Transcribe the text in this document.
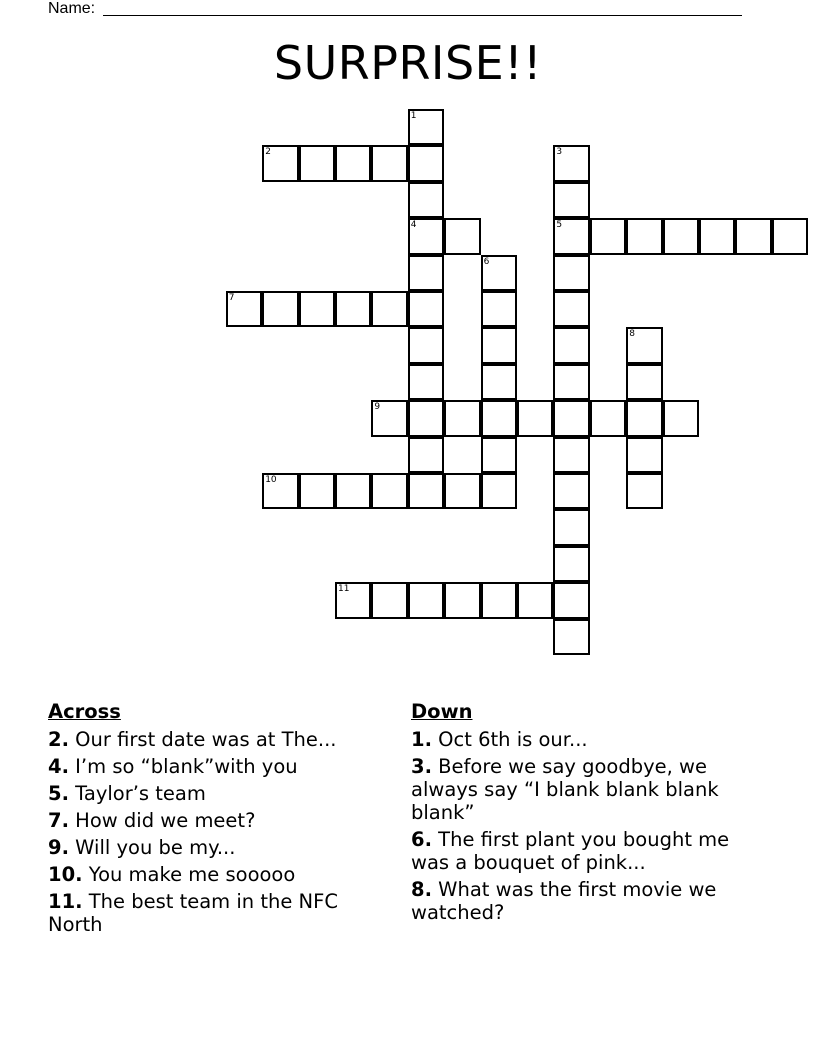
Name:
SURPRISE!!
1
4
2	3
5
6
7
8
9
10
11
Across
2. Our first date was at The...
4. I’m so “blank”with you
5. Taylor’s team
7. How did we meet?
9. Will you be my...
10. You make me sooooo
11. The best team in the NFC North
Down
1. Oct 6th is our...
3. Before we say goodbye, we always say “I blank blank blank blank”
6. The first plant you bought me was a bouquet of pink...
8. What was the first movie we watched?
